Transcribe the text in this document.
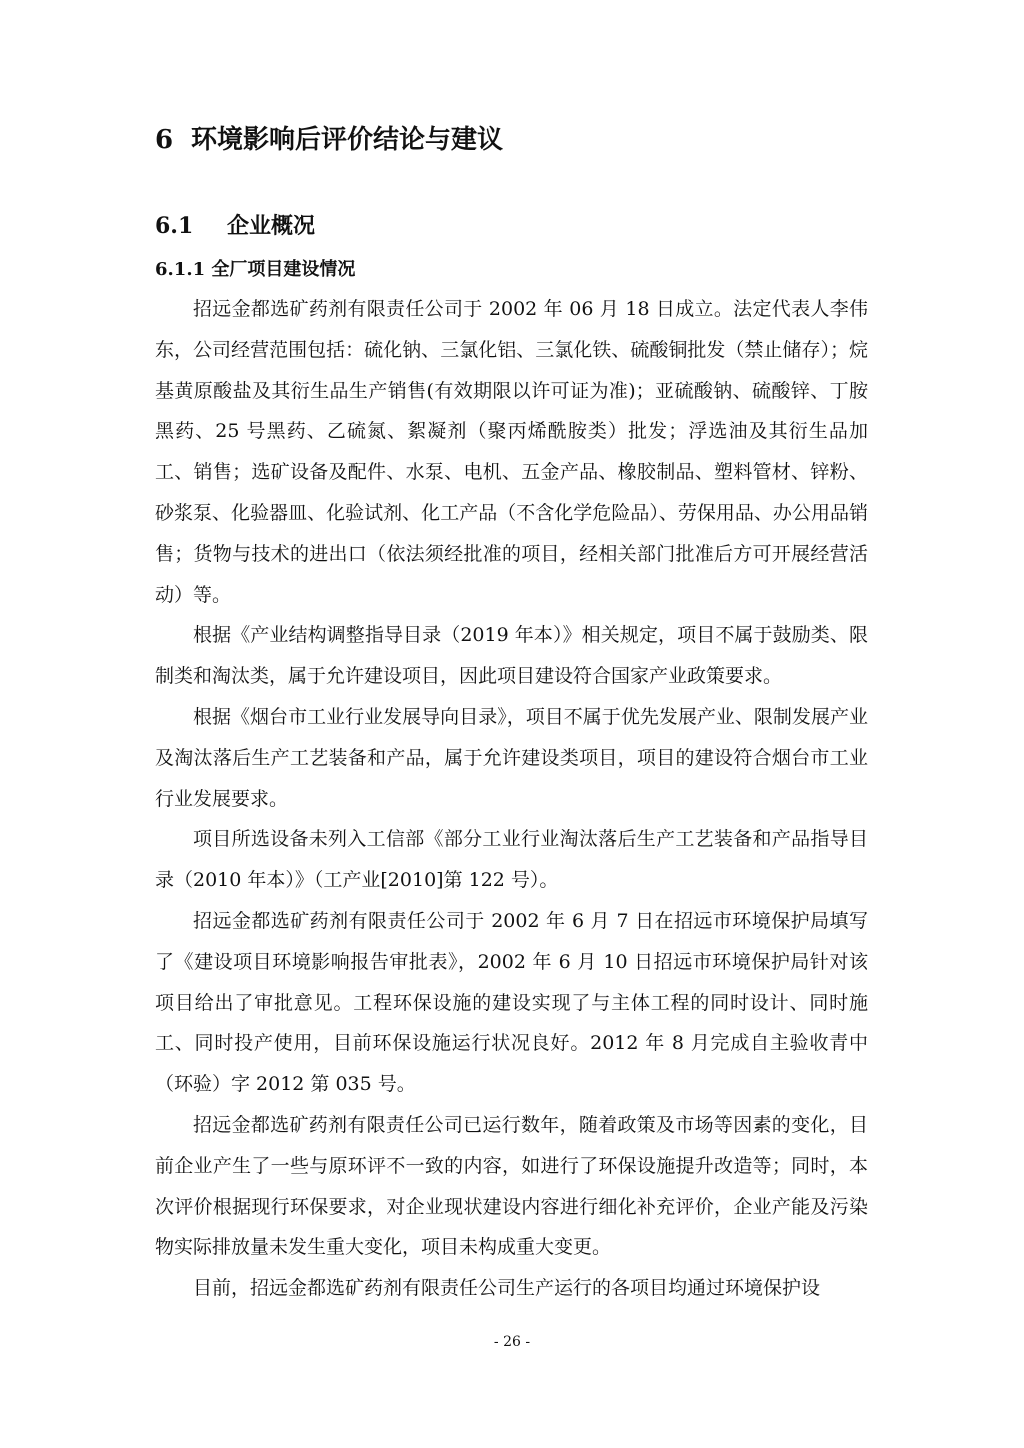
6 环境影响后评价结论与建议
6.1 企业概况
6.1.1 全厂项目建设情况

招远金都选矿药剂有限责任公司于 2002 年 06 月 18 日成立。法定代表人李伟东，公司经营范围包括：硫化钠、三氯化铝、三氯化铁、硫酸铜批发（禁止储存）；烷基黄原酸盐及其衍生品生产销售(有效期限以许可证为准)；亚硫酸钠、硫酸锌、丁胺黑药、25 号黑药、乙硫氮、絮凝剂（聚丙烯酰胺类）批发；浮选油及其衍生品加工、销售；选矿设备及配件、水泵、电机、五金产品、橡胶制品、塑料管材、锌粉、砂浆泵、化验器皿、化验试剂、化工产品（不含化学危险品）、劳保用品、办公用品销售；货物与技术的进出口（依法须经批准的项目，经相关部门批准后方可开展经营活动）等。

根据《产业结构调整指导目录（2019 年本）》相关规定，项目不属于鼓励类、限制类和淘汰类，属于允许建设项目，因此项目建设符合国家产业政策要求。

根据《烟台市工业行业发展导向目录》，项目不属于优先发展产业、限制发展产业及淘汰落后生产工艺装备和产品，属于允许建设类项目，项目的建设符合烟台市工业行业发展要求。

项目所选设备未列入工信部《部分工业行业淘汰落后生产工艺装备和产品指导目录（2010 年本）》（工产业[2010]第 122 号）。

招远金都选矿药剂有限责任公司于 2002 年 6 月 7 日在招远市环境保护局填写了《建设项目环境影响报告审批表》，2002 年 6 月 10 日招远市环境保护局针对该项目给出了审批意见。工程环保设施的建设实现了与主体工程的同时设计、同时施工、同时投产使用，目前环保设施运行状况良好。2012 年 8 月完成自主验收青中（环验）字 2012 第 035 号。

招远金都选矿药剂有限责任公司已运行数年，随着政策及市场等因素的变化，目前企业产生了一些与原环评不一致的内容，如进行了环保设施提升改造等；同时，本次评价根据现行环保要求，对企业现状建设内容进行细化补充评价，企业产能及污染物实际排放量未发生重大变化，项目未构成重大变更。

目前，招远金都选矿药剂有限责任公司生产运行的各项目均通过环境保护设

- 26 -
